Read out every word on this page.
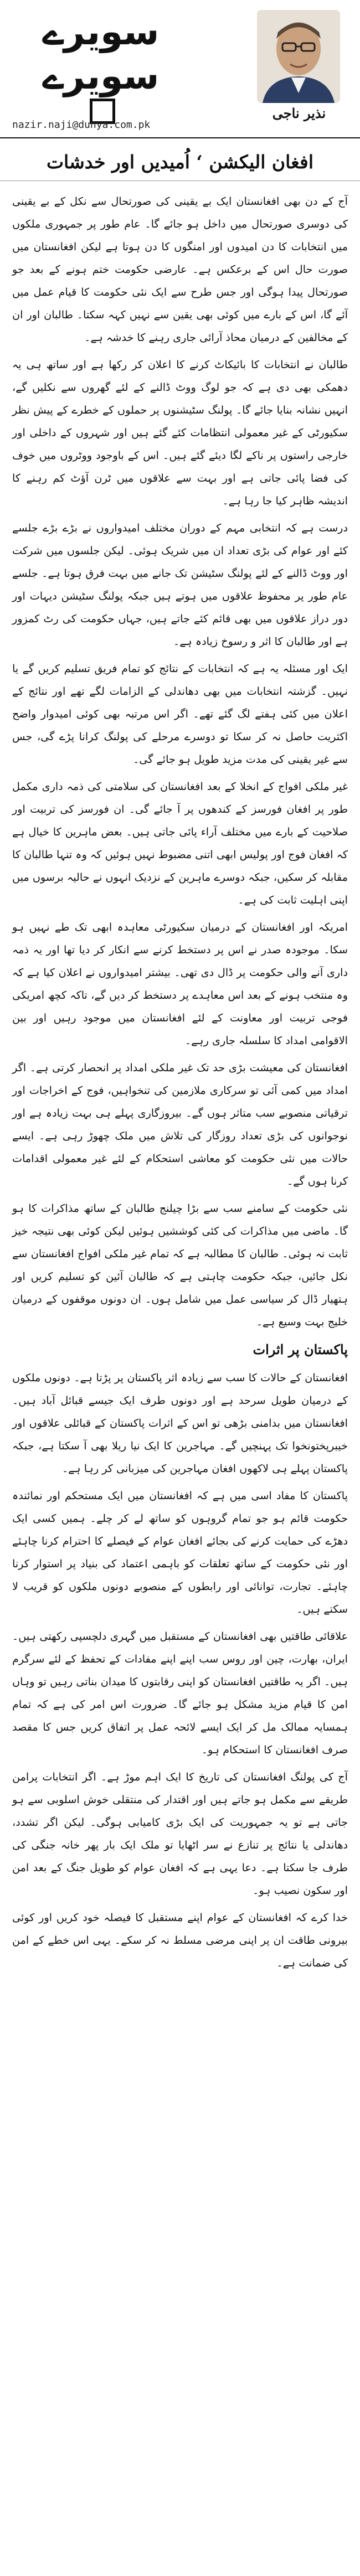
سویرے سویرے
nazir.naji@dunya.com.pk
نذیر ناجی
افغان الیکشن ‘ اُمیدیں اور خدشات

آج کے دن بھی افغانستان ایک بے یقینی کی صورتحال سے نکل کے بے یقینی کی دوسری صورتحال میں داخل ہو جائے گا۔ عام طور پر جمہوری ملکوں میں انتخابات کا دن امیدوں اور امنگوں کا دن ہوتا ہے لیکن افغانستان میں صورت حال اس کے برعکس ہے۔ عارضی حکومت ختم ہونے کے بعد جو صورتحال پیدا ہوگی اور جس طرح سے ایک نئی حکومت کا قیام عمل میں آئے گا، اس کے بارے میں کوئی بھی یقین سے نہیں کہہ سکتا۔ طالبان اور ان کے مخالفین کے درمیان محاذ آرائی جاری رہنے کا خدشہ ہے۔

طالبان نے انتخابات کا بائیکاٹ کرنے کا اعلان کر رکھا ہے اور ساتھ ہی یہ دھمکی بھی دی ہے کہ جو لوگ ووٹ ڈالنے کے لئے گھروں سے نکلیں گے، انہیں نشانہ بنایا جائے گا۔ پولنگ سٹیشنوں پر حملوں کے خطرے کے پیش نظر سکیورٹی کے غیر معمولی انتظامات کئے گئے ہیں اور شہروں کے داخلی اور خارجی راستوں پر ناکے لگا دیئے گئے ہیں۔ اس کے باوجود ووٹروں میں خوف کی فضا پائی جاتی ہے اور بہت سے علاقوں میں ٹرن آؤٹ کم رہنے کا اندیشہ ظاہر کیا جا رہا ہے۔

درست ہے کہ انتخابی مہم کے دوران مختلف امیدواروں نے بڑے بڑے جلسے کئے اور عوام کی بڑی تعداد ان میں شریک ہوئی۔ لیکن جلسوں میں شرکت اور ووٹ ڈالنے کے لئے پولنگ سٹیشن تک جانے میں بہت فرق ہوتا ہے۔ جلسے عام طور پر محفوظ علاقوں میں ہوتے ہیں جبکہ پولنگ سٹیشن دیہات اور دور دراز علاقوں میں بھی قائم کئے جاتے ہیں، جہاں حکومت کی رٹ کمزور ہے اور طالبان کا اثر و رسوخ زیادہ ہے۔

ایک اور مسئلہ یہ ہے کہ انتخابات کے نتائج کو تمام فریق تسلیم کریں گے یا نہیں۔ گزشتہ انتخابات میں بھی دھاندلی کے الزامات لگے تھے اور نتائج کے اعلان میں کئی ہفتے لگ گئے تھے۔ اگر اس مرتبہ بھی کوئی امیدوار واضح اکثریت حاصل نہ کر سکا تو دوسرے مرحلے کی پولنگ کرانا پڑے گی، جس سے غیر یقینی کی مدت مزید طویل ہو جائے گی۔

غیر ملکی افواج کے انخلا کے بعد افغانستان کی سلامتی کی ذمہ داری مکمل طور پر افغان فورسز کے کندھوں پر آ جائے گی۔ ان فورسز کی تربیت اور صلاحیت کے بارے میں مختلف آراء پائی جاتی ہیں۔ بعض ماہرین کا خیال ہے کہ افغان فوج اور پولیس ابھی اتنی مضبوط نہیں ہوئیں کہ وہ تنہا طالبان کا مقابلہ کر سکیں، جبکہ دوسرے ماہرین کے نزدیک انہوں نے حالیہ برسوں میں اپنی اہلیت ثابت کی ہے۔

امریکہ اور افغانستان کے درمیان سکیورٹی معاہدہ ابھی تک طے نہیں ہو سکا۔ موجودہ صدر نے اس پر دستخط کرنے سے انکار کر دیا تھا اور یہ ذمہ داری آنے والی حکومت پر ڈال دی تھی۔ بیشتر امیدواروں نے اعلان کیا ہے کہ وہ منتخب ہونے کے بعد اس معاہدے پر دستخط کر دیں گے، تاکہ کچھ امریکی فوجی تربیت اور معاونت کے لئے افغانستان میں موجود رہیں اور بین الاقوامی امداد کا سلسلہ جاری رہے۔

افغانستان کی معیشت بڑی حد تک غیر ملکی امداد پر انحصار کرتی ہے۔ اگر امداد میں کمی آئی تو سرکاری ملازمین کی تنخواہیں، فوج کے اخراجات اور ترقیاتی منصوبے سب متاثر ہوں گے۔ بیروزگاری پہلے ہی بہت زیادہ ہے اور نوجوانوں کی بڑی تعداد روزگار کی تلاش میں ملک چھوڑ رہی ہے۔ ایسے حالات میں نئی حکومت کو معاشی استحکام کے لئے غیر معمولی اقدامات کرنا ہوں گے۔

نئی حکومت کے سامنے سب سے بڑا چیلنج طالبان کے ساتھ مذاکرات کا ہو گا۔ ماضی میں مذاکرات کی کئی کوششیں ہوئیں لیکن کوئی بھی نتیجہ خیز ثابت نہ ہوئی۔ طالبان کا مطالبہ ہے کہ تمام غیر ملکی افواج افغانستان سے نکل جائیں، جبکہ حکومت چاہتی ہے کہ طالبان آئین کو تسلیم کریں اور ہتھیار ڈال کر سیاسی عمل میں شامل ہوں۔ ان دونوں موقفوں کے درمیان خلیج بہت وسیع ہے۔

پاکستان پر اثرات

افغانستان کے حالات کا سب سے زیادہ اثر پاکستان پر پڑتا ہے۔ دونوں ملکوں کے درمیان طویل سرحد ہے اور دونوں طرف ایک جیسے قبائل آباد ہیں۔ افغانستان میں بدامنی بڑھی تو اس کے اثرات پاکستان کے قبائلی علاقوں اور خیبرپختونخوا تک پہنچیں گے۔ مہاجرین کا ایک نیا ریلا بھی آ سکتا ہے، جبکہ پاکستان پہلے ہی لاکھوں افغان مہاجرین کی میزبانی کر رہا ہے۔

پاکستان کا مفاد اسی میں ہے کہ افغانستان میں ایک مستحکم اور نمائندہ حکومت قائم ہو جو تمام گروہوں کو ساتھ لے کر چلے۔ ہمیں کسی ایک دھڑے کی حمایت کرنے کی بجائے افغان عوام کے فیصلے کا احترام کرنا چاہئے اور نئی حکومت کے ساتھ تعلقات کو باہمی اعتماد کی بنیاد پر استوار کرنا چاہئے۔ تجارت، توانائی اور رابطوں کے منصوبے دونوں ملکوں کو قریب لا سکتے ہیں۔

علاقائی طاقتیں بھی افغانستان کے مستقبل میں گہری دلچسپی رکھتی ہیں۔ ایران، بھارت، چین اور روس سب اپنے اپنے مفادات کے تحفظ کے لئے سرگرم ہیں۔ اگر یہ طاقتیں افغانستان کو اپنی رقابتوں کا میدان بناتی رہیں تو وہاں امن کا قیام مزید مشکل ہو جائے گا۔ ضرورت اس امر کی ہے کہ تمام ہمسایہ ممالک مل کر ایک ایسے لائحہ عمل پر اتفاق کریں جس کا مقصد صرف افغانستان کا استحکام ہو۔

آج کی پولنگ افغانستان کی تاریخ کا ایک اہم موڑ ہے۔ اگر انتخابات پرامن طریقے سے مکمل ہو جاتے ہیں اور اقتدار کی منتقلی خوش اسلوبی سے ہو جاتی ہے تو یہ جمہوریت کی ایک بڑی کامیابی ہوگی۔ لیکن اگر تشدد، دھاندلی یا نتائج پر تنازع نے سر اٹھایا تو ملک ایک بار پھر خانہ جنگی کی طرف جا سکتا ہے۔ دعا یہی ہے کہ افغان عوام کو طویل جنگ کے بعد امن اور سکون نصیب ہو۔

خدا کرے کہ افغانستان کے عوام اپنے مستقبل کا فیصلہ خود کریں اور کوئی بیرونی طاقت ان پر اپنی مرضی مسلط نہ کر سکے۔ یہی اس خطے کے امن کی ضمانت ہے۔
